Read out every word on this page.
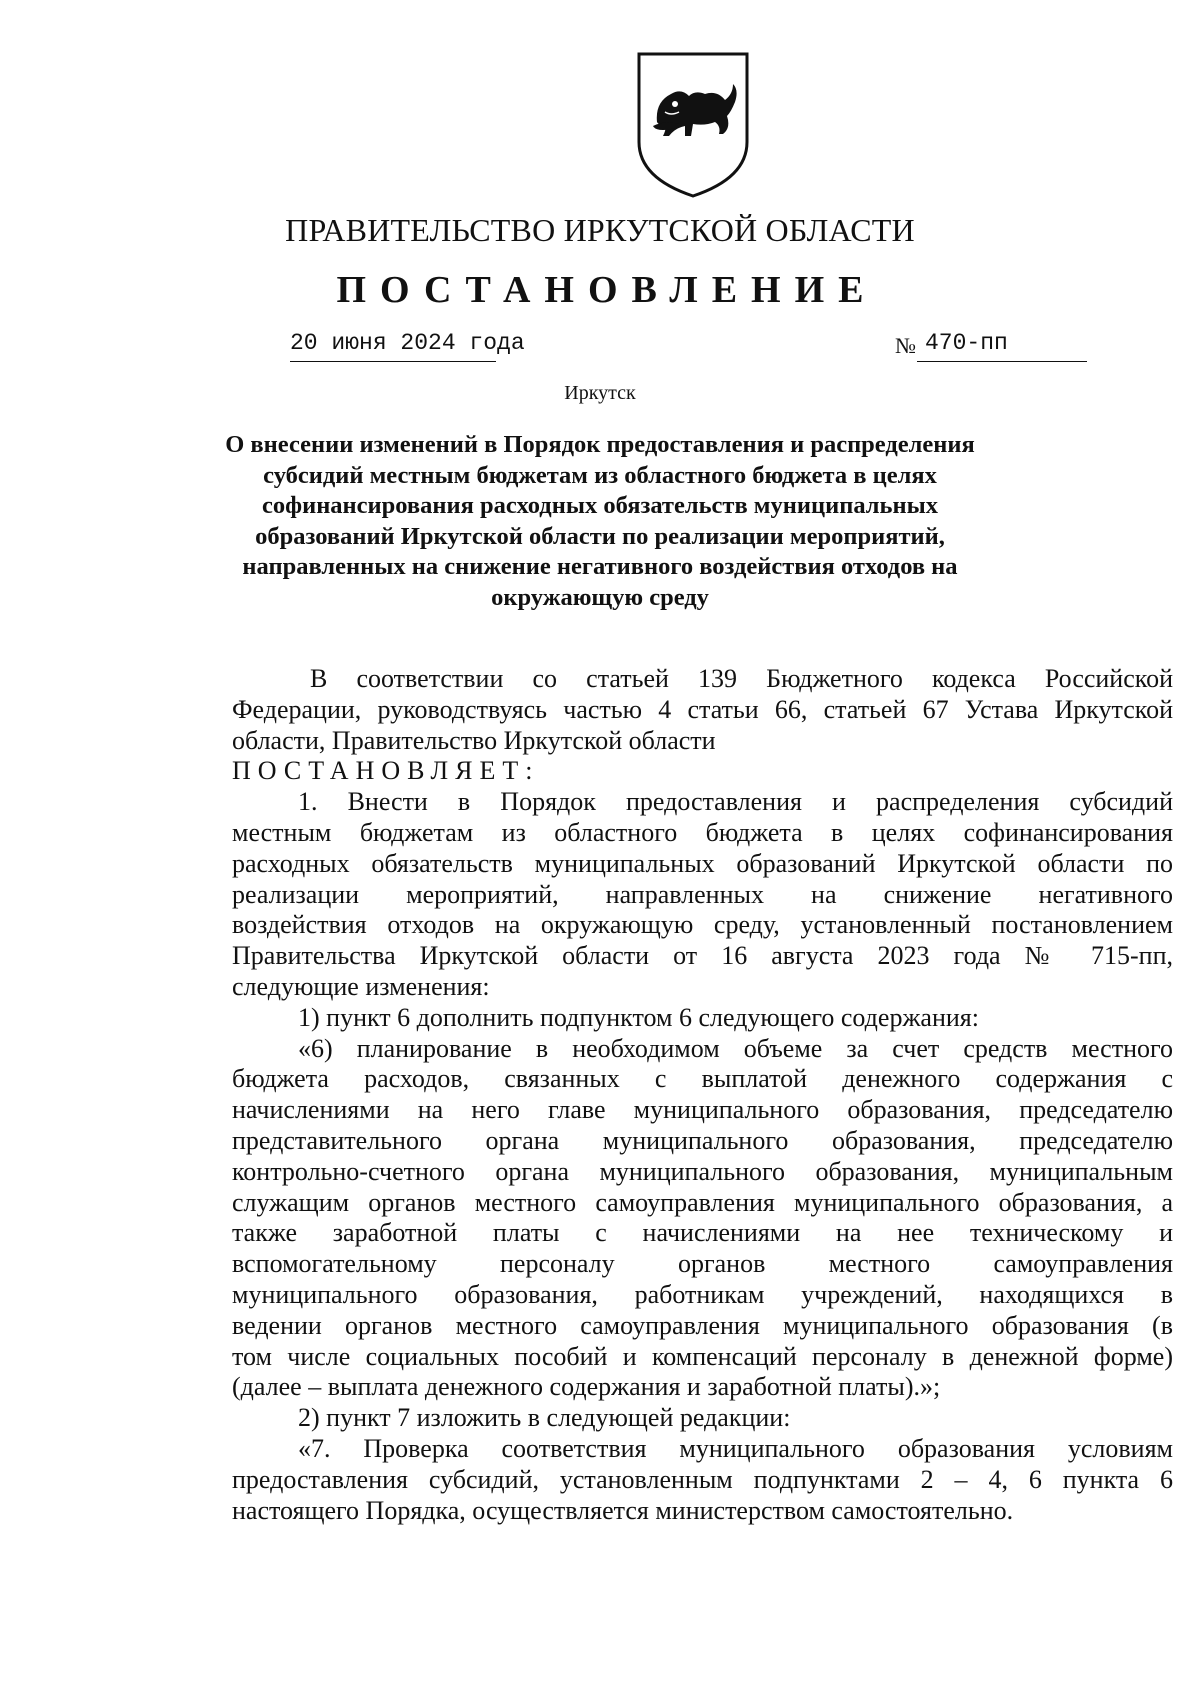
ПРАВИТЕЛЬСТВО ИРКУТСКОЙ ОБЛАСТИ
ПОСТАНОВЛЕНИЕ
20 июня 2024 года	№ 470-пп
Иркутск
О внесении изменений в Порядок предоставления и распределения
субсидий местным бюджетам из областного бюджета в целях
софинансирования расходных обязательств муниципальных
образований Иркутской области по реализации мероприятий,
направленных на снижение негативного воздействия отходов на
окружающую среду
В соответствии со статьей 139 Бюджетного кодекса Российской
Федерации, руководствуясь частью 4 статьи 66, статьей 67 Устава Иркутской
области, Правительство Иркутской области
ПОСТАНОВЛЯЕТ:
1. Внести в Порядок предоставления и распределения субсидий
местным бюджетам из областного бюджета в целях софинансирования
расходных обязательств муниципальных образований Иркутской области по
реализации мероприятий, направленных на снижение негативного
воздействия отходов на окружающую среду, установленный постановлением
Правительства Иркутской области от 16 августа 2023 года № 715-пп,
следующие изменения:
1) пункт 6 дополнить подпунктом 6 следующего содержания:
«6) планирование в необходимом объеме за счет средств местного
бюджета расходов, связанных с выплатой денежного содержания с
начислениями на него главе муниципального образования, председателю
представительного органа муниципального образования, председателю
контрольно-счетного органа муниципального образования, муниципальным
служащим органов местного самоуправления муниципального образования, а
также заработной платы с начислениями на нее техническому и
вспомогательному персоналу органов местного самоуправления
муниципального образования, работникам учреждений, находящихся в
ведении органов местного самоуправления муниципального образования (в
том числе социальных пособий и компенсаций персоналу в денежной форме)
(далее – выплата денежного содержания и заработной платы).»;
2) пункт 7 изложить в следующей редакции:
«7. Проверка соответствия муниципального образования условиям
предоставления субсидий, установленным подпунктами 2 – 4, 6 пункта 6
настоящего Порядка, осуществляется министерством самостоятельно.
